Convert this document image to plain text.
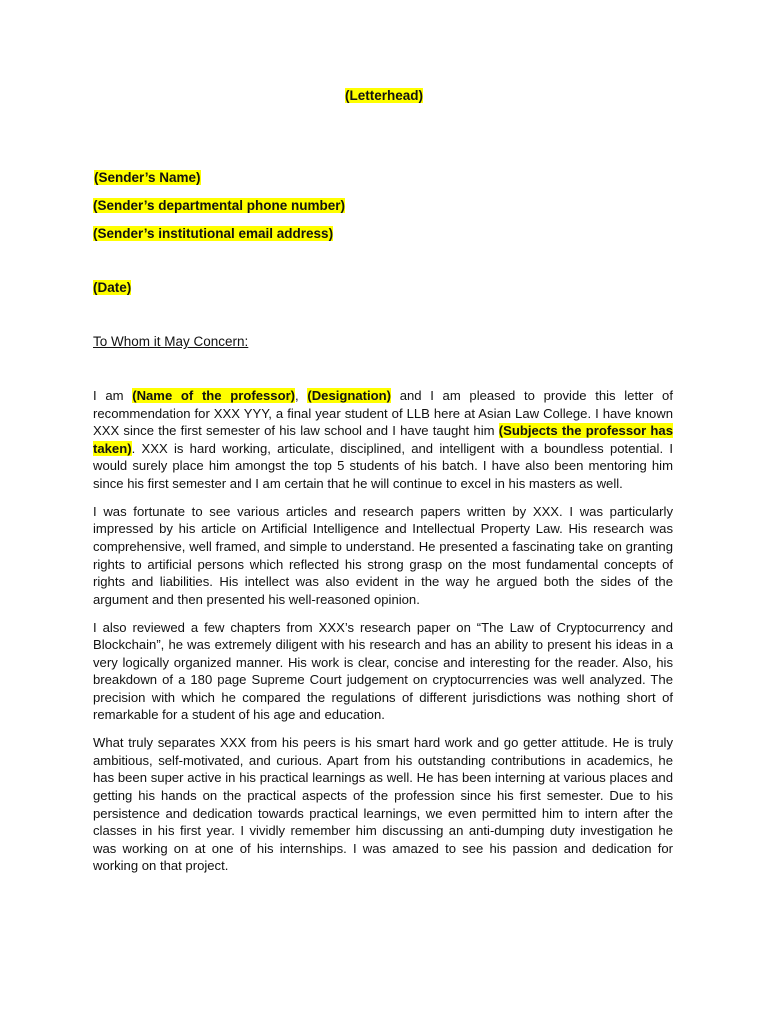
(Letterhead)
(Sender’s Name)
(Sender’s departmental phone number)
(Sender’s institutional email address)
(Date)
To Whom it May Concern:

I am (Name of the professor), (Designation) and I am pleased to provide this letter of recommendation for XXX YYY, a final year student of LLB here at Asian Law College. I have known XXX since the first semester of his law school and I have taught him (Subjects the professor has taken). XXX is hard working, articulate, disciplined, and intelligent with a boundless potential. I would surely place him amongst the top 5 students of his batch. I have also been mentoring him since his first semester and I am certain that he will continue to excel in his masters as well.

I was fortunate to see various articles and research papers written by XXX. I was particularly impressed by his article on Artificial Intelligence and Intellectual Property Law. His research was comprehensive, well framed, and simple to understand. He presented a fascinating take on granting rights to artificial persons which reflected his strong grasp on the most fundamental concepts of rights and liabilities. His intellect was also evident in the way he argued both the sides of the argument and then presented his well-reasoned opinion.

I also reviewed a few chapters from XXX’s research paper on “The Law of Cryptocurrency and Blockchain”, he was extremely diligent with his research and has an ability to present his ideas in a very logically organized manner. His work is clear, concise and interesting for the reader. Also, his breakdown of a 180 page Supreme Court judgement on cryptocurrencies was well analyzed. The precision with which he compared the regulations of different jurisdictions was nothing short of remarkable for a student of his age and education.

What truly separates XXX from his peers is his smart hard work and go getter attitude. He is truly ambitious, self-motivated, and curious. Apart from his outstanding contributions in academics, he has been super active in his practical learnings as well. He has been interning at various places and getting his hands on the practical aspects of the profession since his first semester. Due to his persistence and dedication towards practical learnings, we even permitted him to intern after the classes in his first year. I vividly remember him discussing an anti-dumping duty investigation he was working on at one of his internships. I was amazed to see his passion and dedication for working on that project.
